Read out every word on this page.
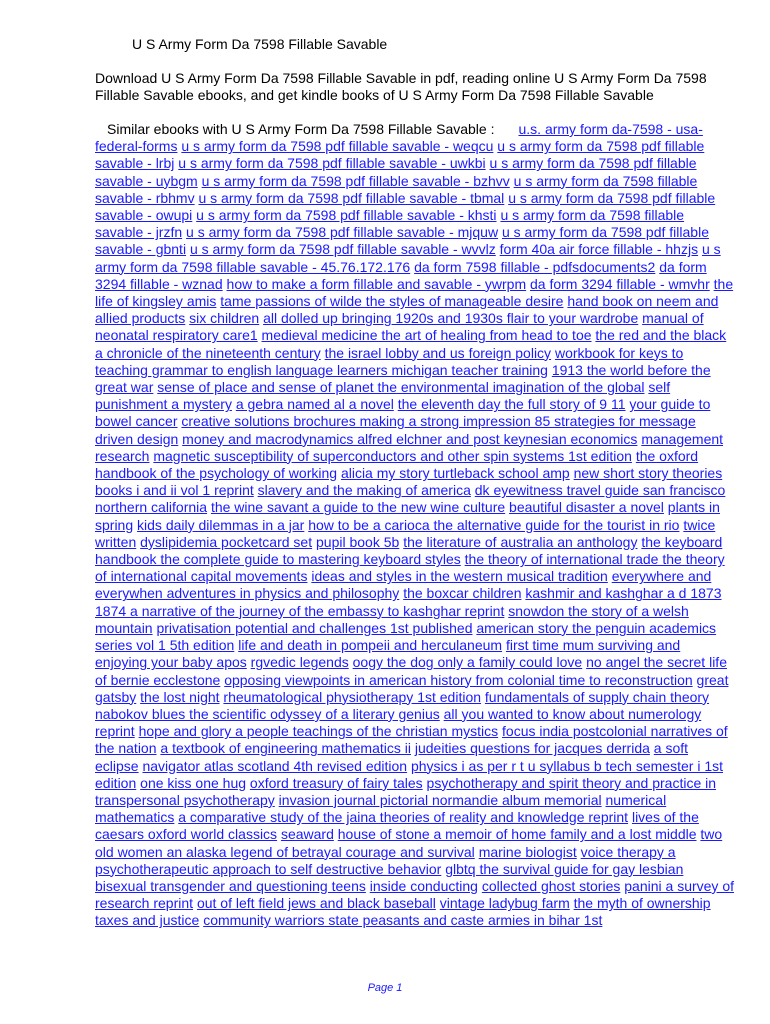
U S Army Form Da 7598 Fillable Savable
Download U S Army Form Da 7598 Fillable Savable in pdf, reading online U S Army Form Da 7598 Fillable Savable ebooks, and get kindle books of U S Army Form Da 7598 Fillable Savable
Similar ebooks with U S Army Form Da 7598 Fillable Savable : u.s. army form da-7598 - usa-federal-forms u s army form da 7598 pdf fillable savable - weqcu u s army form da 7598 pdf fillable savable - lrbj u s army form da 7598 pdf fillable savable - uwkbi u s army form da 7598 pdf fillable savable - uybgm u s army form da 7598 pdf fillable savable - bzhvv u s army form da 7598 fillable savable - rbhmv u s army form da 7598 pdf fillable savable - tbmal u s army form da 7598 pdf fillable savable - owupi u s army form da 7598 pdf fillable savable - khsti u s army form da 7598 fillable savable - jrzfn u s army form da 7598 pdf fillable savable - mjquw u s army form da 7598 pdf fillable savable - gbnti u s army form da 7598 pdf fillable savable - wvvlz form 40a air force fillable - hhzjs u s army form da 7598 fillable savable - 45.76.172.176 da form 7598 fillable - pdfsdocuments2 da form 3294 fillable - wznad how to make a form fillable and savable - ywrpm da form 3294 fillable - wmvhr the life of kingsley amis tame passions of wilde the styles of manageable desire hand book on neem and allied products six children all dolled up bringing 1920s and 1930s flair to your wardrobe manual of neonatal respiratory care1 medieval medicine the art of healing from head to toe the red and the black a chronicle of the nineteenth century the israel lobby and us foreign policy workbook for keys to teaching grammar to english language learners michigan teacher training 1913 the world before the great war sense of place and sense of planet the environmental imagination of the global self punishment a mystery a gebra named al a novel the eleventh day the full story of 9 11 your guide to bowel cancer creative solutions brochures making a strong impression 85 strategies for message driven design money and macrodynamics alfred elchner and post keynesian economics management research magnetic susceptibility of superconductors and other spin systems 1st edition the oxford handbook of the psychology of working alicia my story turtleback school amp new short story theories books i and ii vol 1 reprint slavery and the making of america dk eyewitness travel guide san francisco northern california the wine savant a guide to the new wine culture beautiful disaster a novel plants in spring kids daily dilemmas in a jar how to be a carioca the alternative guide for the tourist in rio twice written dyslipidemia pocketcard set pupil book 5b the literature of australia an anthology the keyboard handbook the complete guide to mastering keyboard styles the theory of international trade the theory of international capital movements ideas and styles in the western musical tradition everywhere and everywhen adventures in physics and philosophy the boxcar children kashmir and kashghar a d 1873 1874 a narrative of the journey of the embassy to kashghar reprint snowdon the story of a welsh mountain privatisation potential and challenges 1st published american story the penguin academics series vol 1 5th edition life and death in pompeii and herculaneum first time mum surviving and enjoying your baby apos rgvedic legends oogy the dog only a family could love no angel the secret life of bernie ecclestone opposing viewpoints in american history from colonial time to reconstruction great gatsby the lost night rheumatological physiotherapy 1st edition fundamentals of supply chain theory nabokov blues the scientific odyssey of a literary genius all you wanted to know about numerology reprint hope and glory a people teachings of the christian mystics focus india postcolonial narratives of the nation a textbook of engineering mathematics ii judeities questions for jacques derrida a soft eclipse navigator atlas scotland 4th revised edition physics i as per r t u syllabus b tech semester i 1st edition one kiss one hug oxford treasury of fairy tales psychotherapy and spirit theory and practice in transpersonal psychotherapy invasion journal pictorial normandie album memorial numerical mathematics a comparative study of the jaina theories of reality and knowledge reprint lives of the caesars oxford world classics seaward house of stone a memoir of home family and a lost middle two old women an alaska legend of betrayal courage and survival marine biologist voice therapy a psychotherapeutic approach to self destructive behavior glbtq the survival guide for gay lesbian bisexual transgender and questioning teens inside conducting collected ghost stories panini a survey of research reprint out of left field jews and black baseball vintage ladybug farm the myth of ownership taxes and justice community warriors state peasants and caste armies in bihar 1st
Page 1
